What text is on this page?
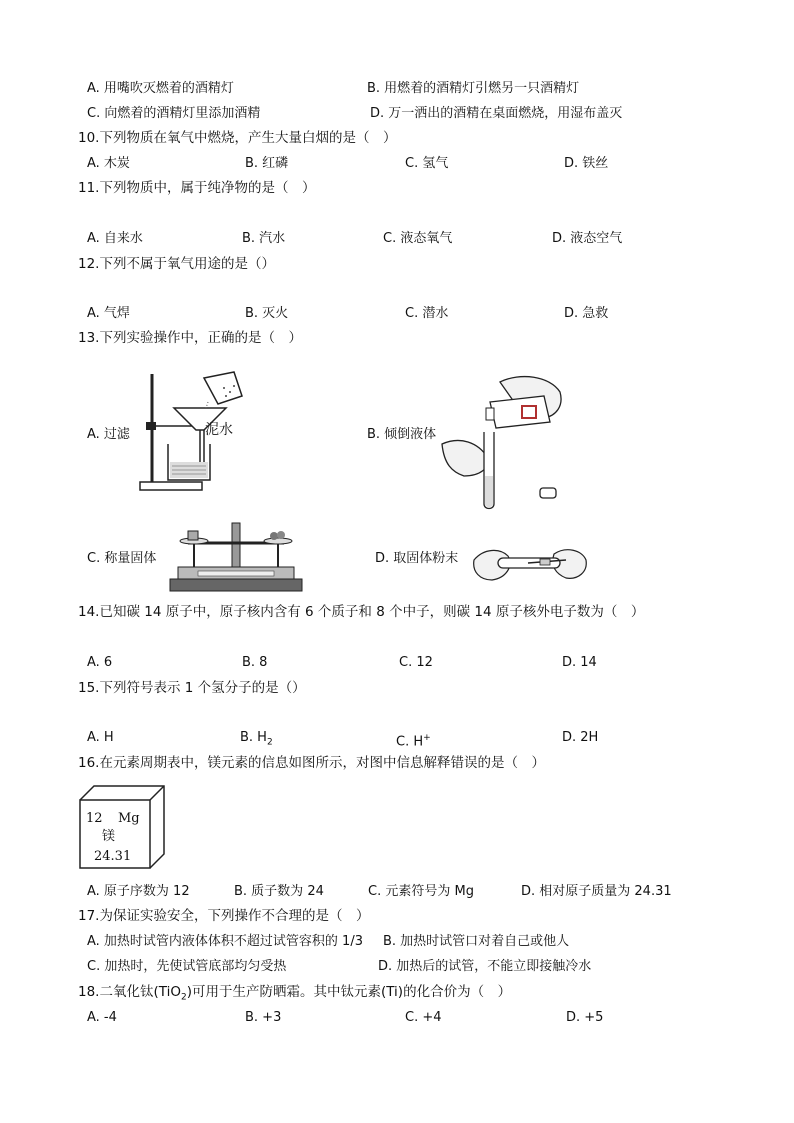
A. 用嘴吹灭燃着的酒精灯	B. 用燃着的酒精灯引燃另一只酒精灯
C. 向燃着的酒精灯里添加酒精	D. 万一洒出的酒精在桌面燃烧，用湿布盖灭
10.下列物质在氧气中燃烧，产生大量白烟的是（　）
A. 木炭	B. 红磷	C. 氢气	D. 铁丝
11.下列物质中，属于纯净物的是（　）
A. 自来水	B. 汽水	C. 液态氧气	D. 液态空气
12.下列不属于氧气用途的是（）
A. 气焊	B. 灭火	C. 潜水	D. 急救
13.下列实验操作中，正确的是（　）
A. 过滤	B. 倾倒液体
C. 称量固体	D. 取固体粉末
泥水
14.已知碳 14 原子中，原子核内含有 6 个质子和 8 个中子，则碳 14 原子核外电子数为（　）
A. 6	B. 8	C. 12	D. 14
15.下列符号表示 1 个氢分子的是（）
A. H	B. $H_2$	C. H+	D. 2H
16.在元素周期表中，镁元素的信息如图所示，对图中信息解释错误的是（　）
12 Mg
镁
24.31
A. 原子序数为 12	B. 质子数为 24	C. 元素符号为 Mg	D. 相对原子质量为 24.31
17.为保证实验安全，下列操作不合理的是（　）
A. 加热时试管内液体体积不超过试管容积的 1/3 B. 加热时试管口对着自己或他人
C. 加热时，先使试管底部均匀受热	D. 加热后的试管，不能立即接触冷水
18.二氧化钛(TiO$_2$)可用于生产防晒霜。其中钛元素(Ti)的化合价为（　）
A. -4	B. +3	C. +4	D. +5
